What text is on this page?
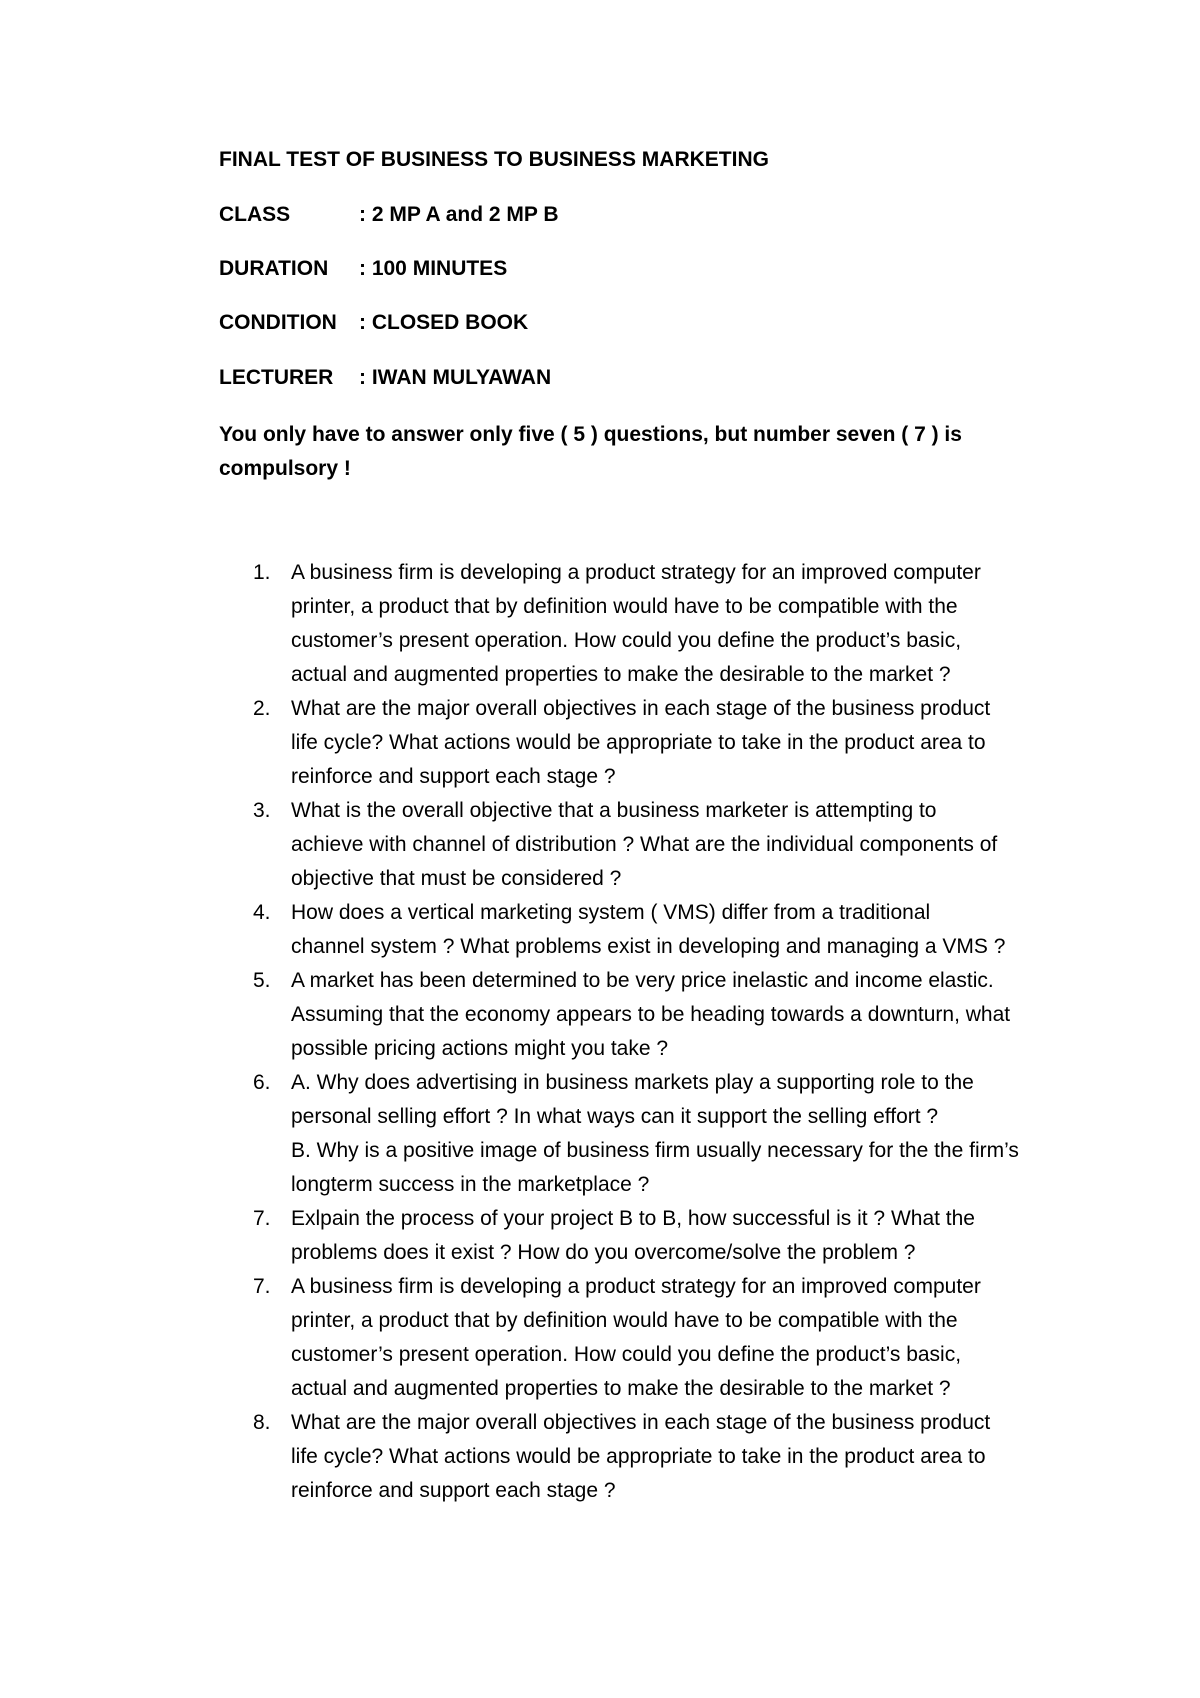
FINAL TEST OF BUSINESS TO BUSINESS MARKETING
CLASS	: 2 MP A and 2 MP B
DURATION : 100 MINUTES
CONDITION : CLOSED BOOK
LECTURER : IWAN MULYAWAN
You only have to answer only five ( 5 ) questions, but number seven ( 7 ) is compulsory !
1. A business firm is developing a product strategy for an improved computer
printer, a product that by definition would have to be compatible with the
customer’s present operation. How could you define the product’s basic,
actual and augmented properties to make the desirable to the market ?
2. What are the major overall objectives in each stage of the business product
life cycle? What actions would be appropriate to take in the product area to
reinforce and support each stage ?
3. What is the overall objective that a business marketer is attempting to
achieve with channel of distribution ? What are the individual components of
objective that must be considered ?
4. How does a vertical marketing system ( VMS) differ from a traditional
channel system ? What problems exist in developing and managing a VMS ?
5. A market has been determined to be very price inelastic and income elastic.
Assuming that the economy appears to be heading towards a downturn, what
possible pricing actions might you take ?
6. A. Why does advertising in business markets play a supporting role to the
personal selling effort ? In what ways can it support the selling effort ?
B. Why is a positive image of business firm usually necessary for the the firm’s
longterm success in the marketplace ?
7. Exlpain the process of your project B to B, how successful is it ? What the
problems does it exist ? How do you overcome/solve the problem ?
7. A business firm is developing a product strategy for an improved computer
printer, a product that by definition would have to be compatible with the
customer’s present operation. How could you define the product’s basic,
actual and augmented properties to make the desirable to the market ?
8. What are the major overall objectives in each stage of the business product
life cycle? What actions would be appropriate to take in the product area to
reinforce and support each stage ?
